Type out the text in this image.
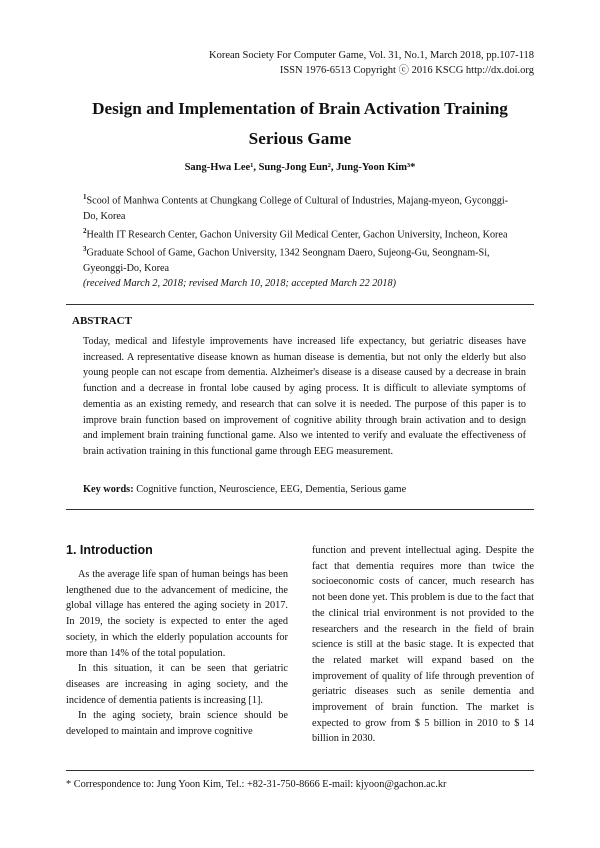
Korean Society For Computer Game, Vol. 31, No.1, March 2018, pp.107-118
ISSN 1976-6513 Copyright ⓒ 2016 KSCG http://dx.doi.org
Design and Implementation of Brain Activation Training Serious Game
Sang-Hwa Lee¹, Sung-Jong Eun², Jung-Yoon Kim³*
$^1$Scool of Manhwa Contents at Chungkang College of Cultural of Industries, Majang-myeon, Gyconggi-Do, Korea
$^2$Health IT Research Center, Gachon University Gil Medical Center, Gachon University, Incheon, Korea
$^3$Graduate School of Game, Gachon University, 1342 Seongnam Daero, Sujeong-Gu, Seongnam-Si, Gyeonggi-Do, Korea
(received March 2, 2018; revised March 10, 2018; accepted March 22 2018)
ABSTRACT
Today, medical and lifestyle improvements have increased life expectancy, but geriatric diseases have increased. A representative disease known as human disease is dementia, but not only the elderly but also young people can not escape from dementia. Alzheimer's disease is a disease caused by a decrease in brain function and a decrease in frontal lobe caused by aging process. It is difficult to alleviate symptoms of dementia as an existing remedy, and research that can solve it is needed. The purpose of this paper is to improve brain function based on improvement of cognitive ability through brain activation and to design and implement brain training functional game. Also we intented to verify and evaluate the effectiveness of brain activation training in this functional game through EEG measurement.
Key words: Cognitive function, Neuroscience, EEG, Dementia, Serious game
1. Introduction

As the average life span of human beings has been lengthened due to the advancement of medicine, the global village has entered the aging society in 2017. In 2019, the society is expected to enter the aged society, in which the elderly population accounts for more than 14% of the total population.

In this situation, it can be seen that geriatric diseases are increasing in aging society, and the incidence of dementia patients is increasing [1].

In the aging society, brain science should be developed to maintain and improve cognitive

function and prevent intellectual aging. Despite the fact that dementia requires more than twice the socioeconomic costs of cancer, much research has not been done yet. This problem is due to the fact that the clinical trial environment is not provided to the researchers and the research in the field of brain science is still at the basic stage. It is expected that the related market will expand based on the improvement of quality of life through prevention of geriatric diseases such as senile dementia and improvement of brain function. The market is expected to grow from $ 5 billion in 2010 to $ 14 billion in 2030.

* Correspondence to: Jung Yoon Kim, Tel.: +82-31-750-8666 E-mail: kjyoon@gachon.ac.kr
